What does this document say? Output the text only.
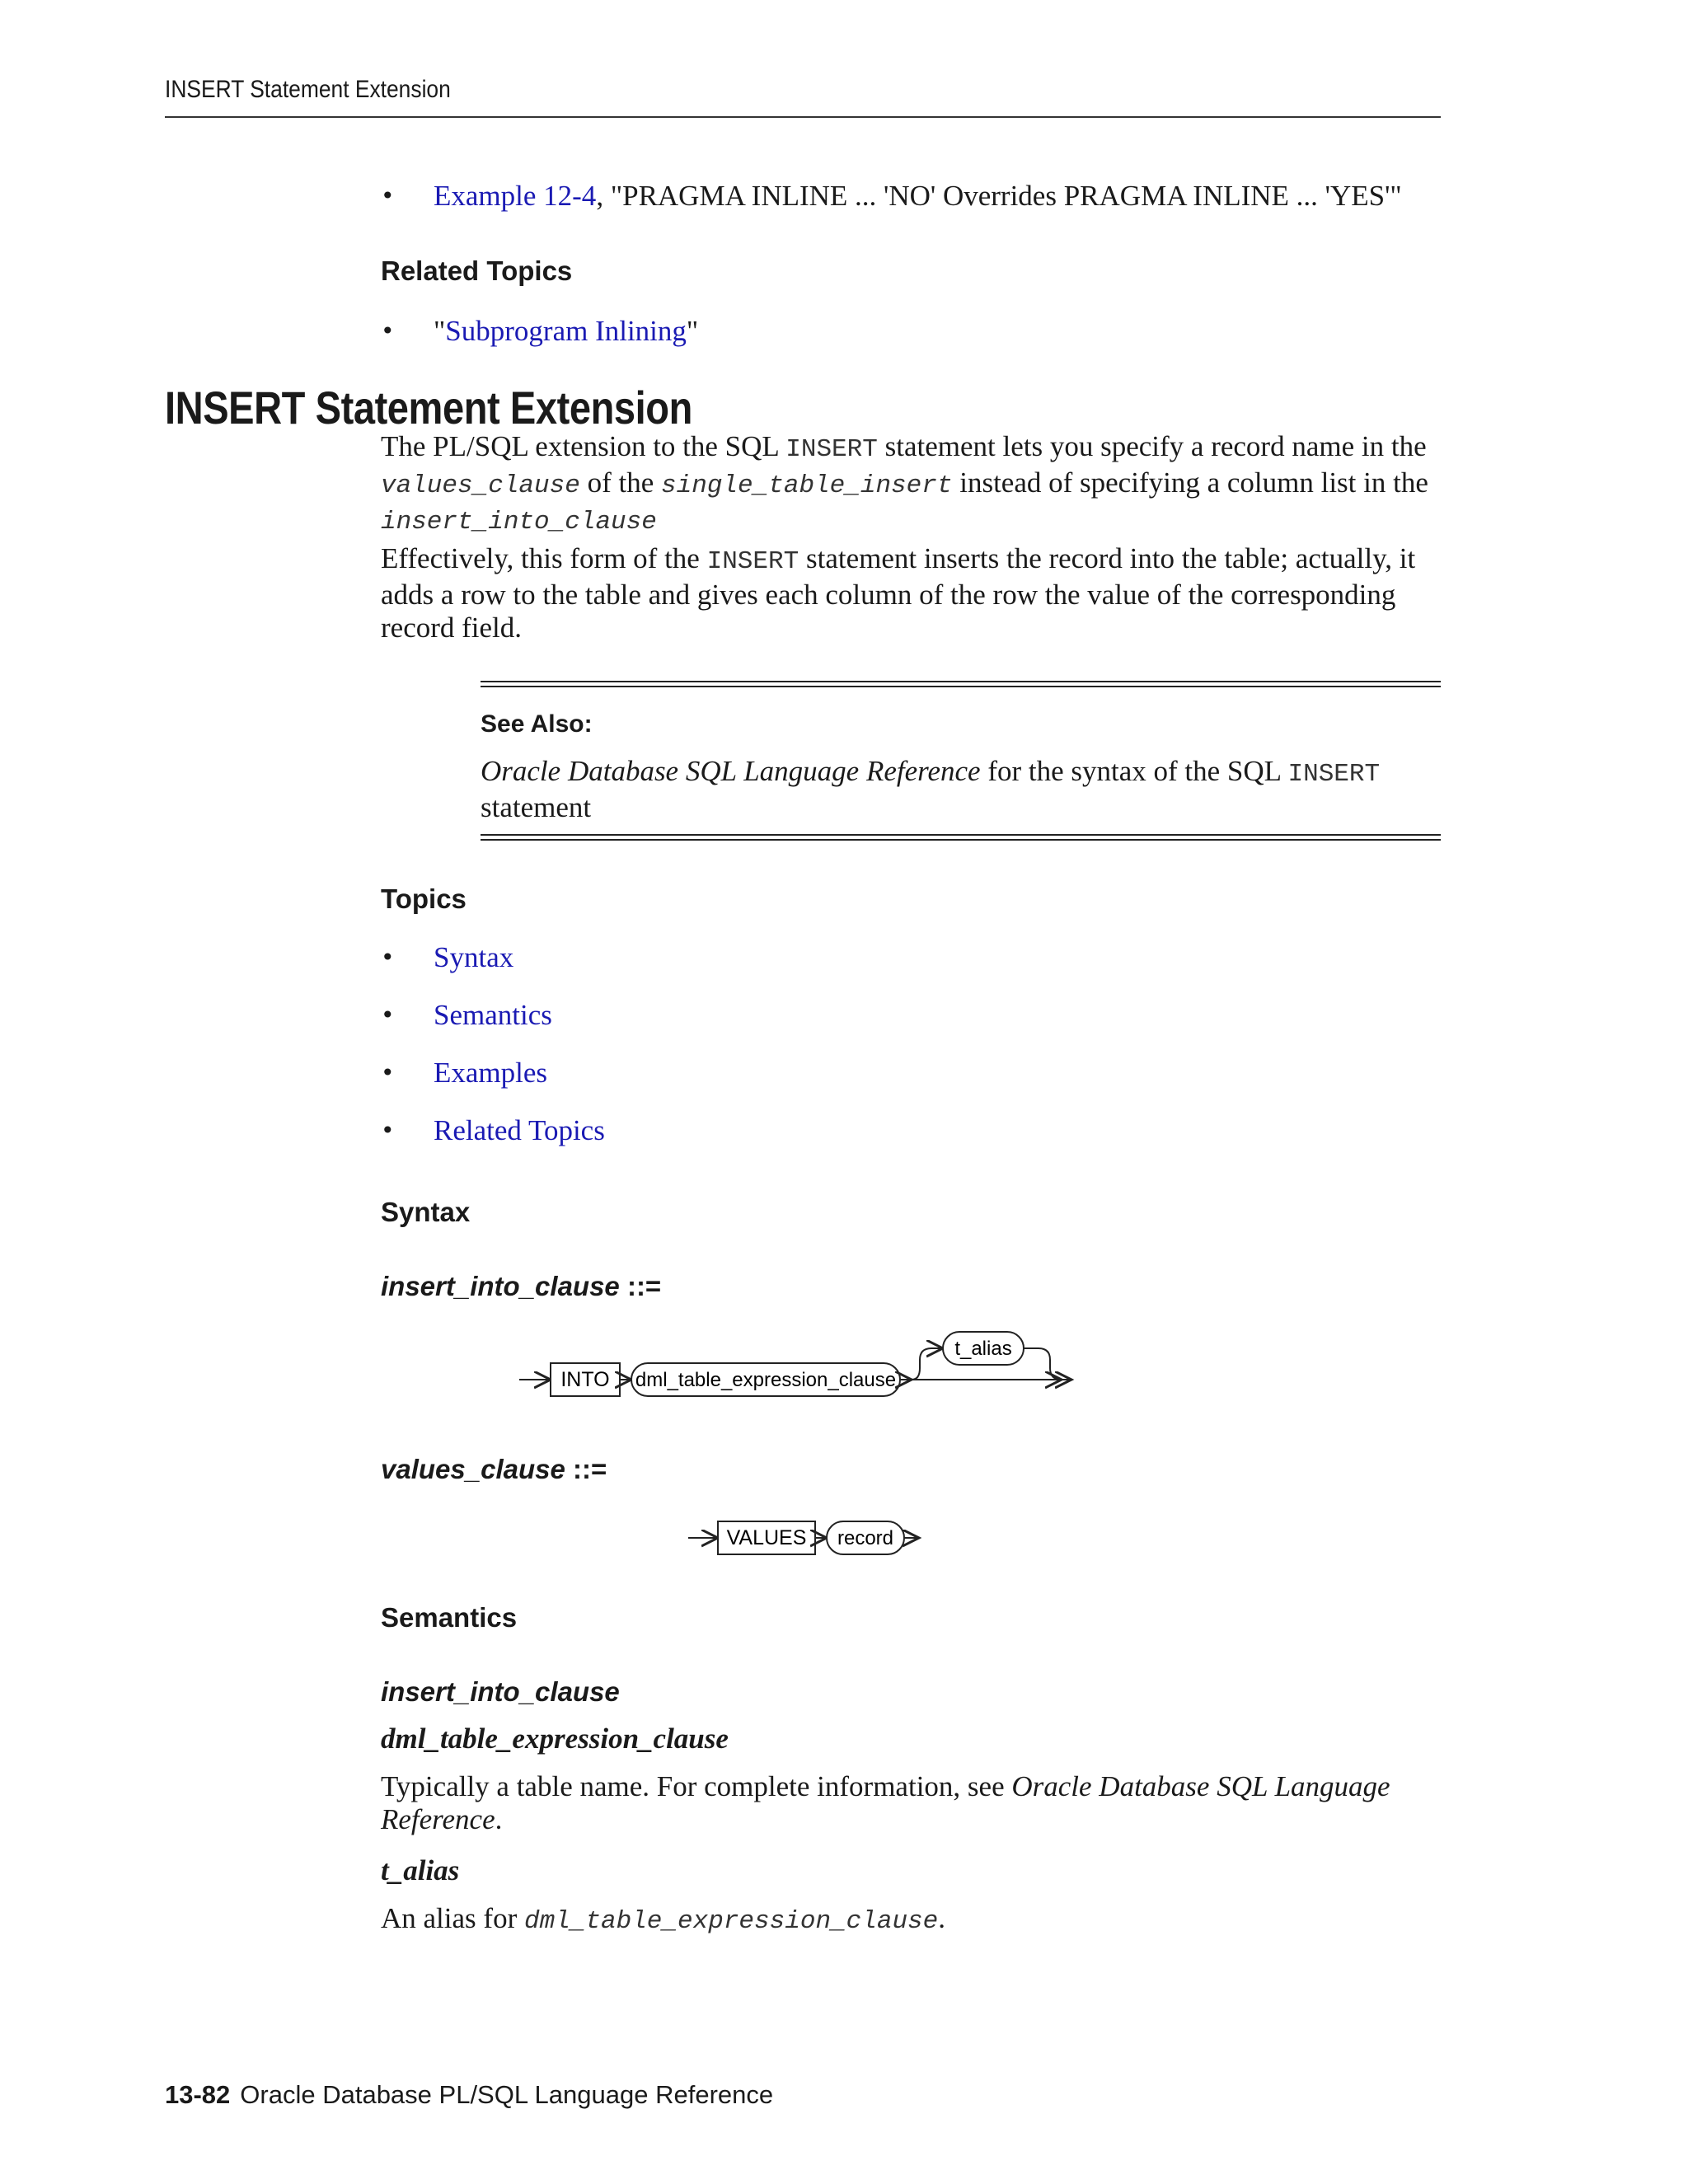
INSERT Statement Extension
•	Example 12-4, "PRAGMA INLINE ... 'NO' Overrides PRAGMA INLINE ... 'YES'"
Related Topics
•	"Subprogram Inlining"
INSERT Statement Extension
The PL/SQL extension to the SQL INSERT statement lets you specify a record name in the values_clause of the single_table_insert instead of specifying a column list in the insert_into_clause
Effectively, this form of the INSERT statement inserts the record into the table; actually, it adds a row to the table and gives each column of the row the value of the corresponding record field.
See Also:
Oracle Database SQL Language Reference for the syntax of the SQL INSERT statement
Topics
•	Syntax
•	Semantics
•	Examples
•	Related Topics
Syntax
insert_into_clause ::=
INTO dml_table_expression_clause
t_alias
values_clause ::=
VALUES record
Semantics
insert_into_clause
dml_table_expression_clause
Typically a table name. For complete information, see Oracle Database SQL Language Reference.
t_alias
An alias for dml_table_expression_clause.
13-82 Oracle Database PL/SQL Language Reference
